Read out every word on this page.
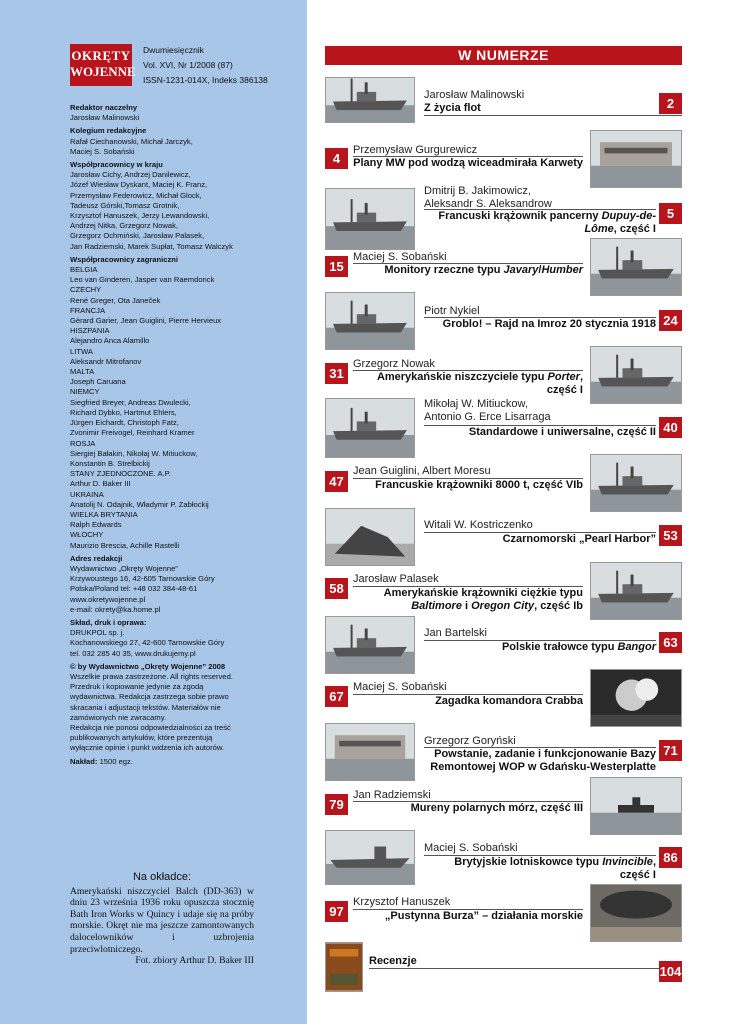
OKRĘTY
WOJENNE
Dwumiesięcznik
Vol. XVI, Nr 1/2008 (87)
ISSN-1231-014X, Indeks 386138
Redaktor naczelny
Jarosław Malinowski
Kolegium redakcyjne
Rafał Ciechanowski, Michał Jarczyk,
Maciej S. Sobański
Współpracownicy w kraju
Jarosław Cichy, Andrzej Danilewicz,
Józef Wiesław Dyskant, Maciej K. Franz,
Przemysław Federowicz, Michał Glock,
Tadeusz Górski,Tomasz Grotnik,
Krzysztof Hanuszek, Jerzy Lewandowski,
Andrzej Nitka, Grzegorz Nowak,
Grzegorz Ochmiński, Jarosław Palasek,
Jan Radziemski, Marek Supłat, Tomasz Walczyk
Współpracownicy zagraniczni
BELGIA
Leo van Ginderen, Jasper van Raemdonck
CZECHY
René Greger, Ota Janeček
FRANCJA
Gérard Garier, Jean Guiglini, Pierre Hervieux
HISZPANIA
Alejandro Anca Alamillo
LITWA
Aleksandr Mitrofanov
MALTA
Joseph Caruana
NIEMCY
Siegfried Breyer, Andreas Dwulecki,
Richard Dybko, Hartmut Ehlers,
Jürgen Eichardt, Christoph Fatz,
Zvonimir Freivogel, Reinhard Kramer
ROSJA
Siergiej Bałakin, Nikołaj W. Mitiuckow,
Konstantin B. Strelbickij
STANY ZJEDNOCZONE. A.P.
Arthur D. Baker III
UKRAINA
Anatolij N. Odajnik, Władymir P. Zabłockij
WIELKA BRYTANIA
Ralph Edwards
WŁOCHY
Maurizio Brescia, Achille Rastelli
Adres redakcji
Wydawnictwo „Okręty Wojenne”
Krzywoustego 16, 42-605 Tarnowskie Góry
Polska/Poland tel: +48 032 384-48-61
www.okretywojenne.pl
e-mail: okrety@ka.home.pl
Skład, druk i oprawa:
DRUKPOL sp. j.
Kochanowskiego 27, 42-600 Tarnowskie Góry
tel. 032 285 40 35, www.drukujemy.pl
© by Wydawnictwo „Okręty Wojenne” 2008
Wszelkie prawa zastrzeżone. All rights reserved.
Przedruk i kopiowanie jedynie za zgodą
wydawnictwa. Redakcja zastrzega sobie prawo
skracania i adjustacji tekstów. Materiałów nie
zamówionych nie zwracamy.
Redakcja nie ponosi odpowiedzialności za treść
publikowanych artykułów, które prezentują
wyłącznie opinie i punkt widzenia ich autorów.
Nakład: 1500 egz.
Na okładce:
Amerykański niszczyciel Balch (DD-363) w dniu 23 września 1936 roku opuszcza stocznię Bath Iron Works w Quincy i udaje się na próby morskie. Okręt nie ma jeszcze zamontowanych dalocelowników i uzbrojenia przeciwlotniczego.
Fot. zbiory Arthur D. Baker III
W NUMERZE
2
Jarosław Malinowski
Z życia flot
4
Przemysław Gurgurewicz
Plany MW pod wodzą wiceadmirała Karwety
5
Dmitrij B. Jakimowicz,
Aleksandr S. Aleksandrow
Francuski krążownik pancerny Dupuy-de-Lôme, część I
15
Maciej S. Sobański
Monitory rzeczne typu Javary/Humber
24
Piotr Nykiel
Groblo! – Rajd na Imroz 20 stycznia 1918
31
Grzegorz Nowak
Amerykańskie niszczyciele typu Porter, część I
40
Mikołaj W. Mitiuckow,
Antonio G. Erce Lisarraga
Standardowe i uniwersalne, część II
47
Jean Guiglini, Albert Moresu
Francuskie krążowniki 8000 t, część VIb
53
Witali W. Kostriczenko
Czarnomorski „Pearl Harbor”
58
Jarosław Palasek
Amerykańskie krążowniki ciężkie typu Baltimore i Oregon City, część Ib
63
Jan Bartelski
Polskie trałowce typu Bangor
67
Maciej S. Sobański
Zagadka komandora Crabba
71
Grzegorz Goryński
Powstanie, zadanie i funkcjonowanie Bazy Remontowej WOP w Gdańsku-Westerplatte
79
Jan Radziemski
Mureny polarnych mórz, część III
86
Maciej S. Sobański
Brytyjskie lotniskowce typu Invincible, część I
97
Krzysztof Hanuszek
„Pustynna Burza” – działania morskie
104
Recenzje
